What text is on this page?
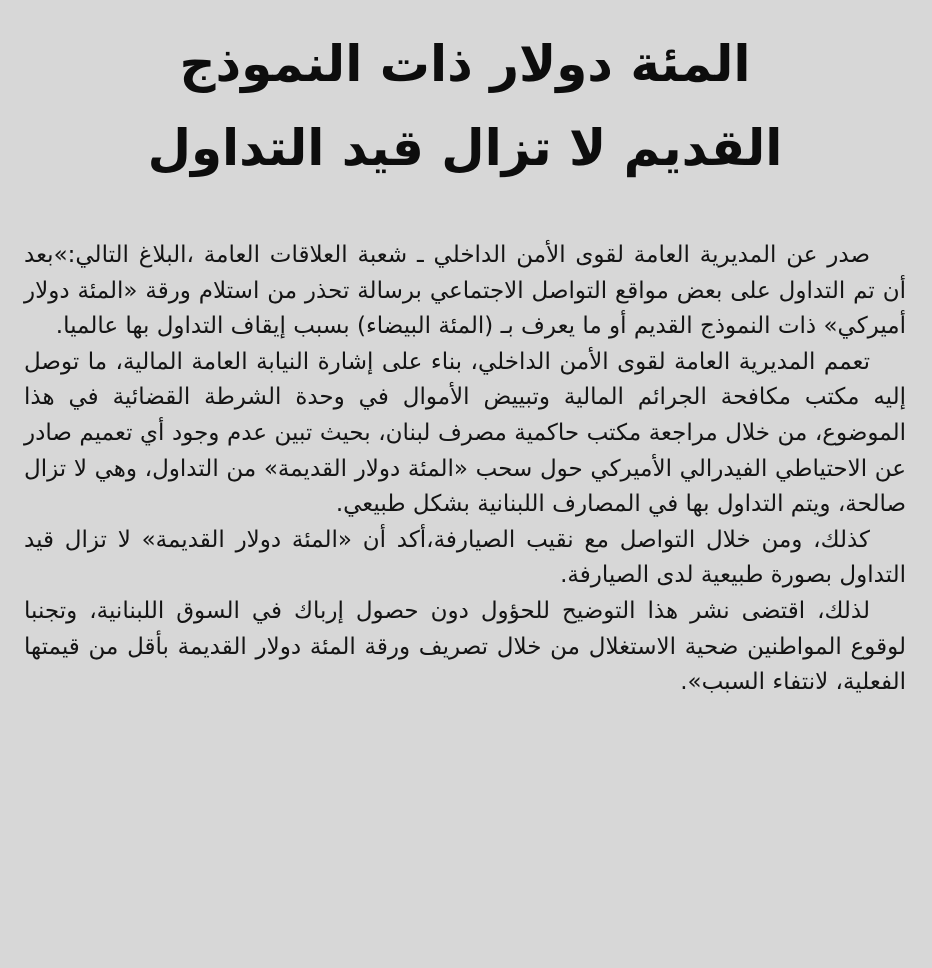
المئة دولار ذات النموذج
القديم لا تزال قيد التداول

صدر عن المديرية العامة لقوى الأمن الداخلي ـ شعبة العلاقات العامة ،البلاغ التالي:»بعد أن تم التداول على بعض مواقع التواصل الاجتماعي برسالة تحذر من استلام ورقة «المئة دولار أميركي» ذات النموذج القديم أو ما يعرف بـ (المئة البيضاء) بسبب إيقاف التداول بها عالميا.

تعمم المديرية العامة لقوى الأمن الداخلي، بناء على إشارة النيابة العامة المالية، ما توصل إليه مكتب مكافحة الجرائم المالية وتبييض الأموال في وحدة الشرطة القضائية في هذا الموضوع، من خلال مراجعة مكتب حاكمية مصرف لبنان، بحيث تبين عدم وجود أي تعميم صادر عن الاحتياطي الفيدرالي الأميركي حول سحب «المئة دولار القديمة» من التداول، وهي لا تزال صالحة، ويتم التداول بها في المصارف اللبنانية بشكل طبيعي.

كذلك، ومن خلال التواصل مع نقيب الصيارفة،أكد أن «المئة دولار القديمة» لا تزال قيد التداول بصورة طبيعية لدى الصيارفة.

لذلك، اقتضى نشر هذا التوضيح للحؤول دون حصول إرباك في السوق اللبنانية، وتجنبا لوقوع المواطنين ضحية الاستغلال من خلال تصريف ورقة المئة دولار القديمة بأقل من قيمتها الفعلية، لانتفاء السبب».
